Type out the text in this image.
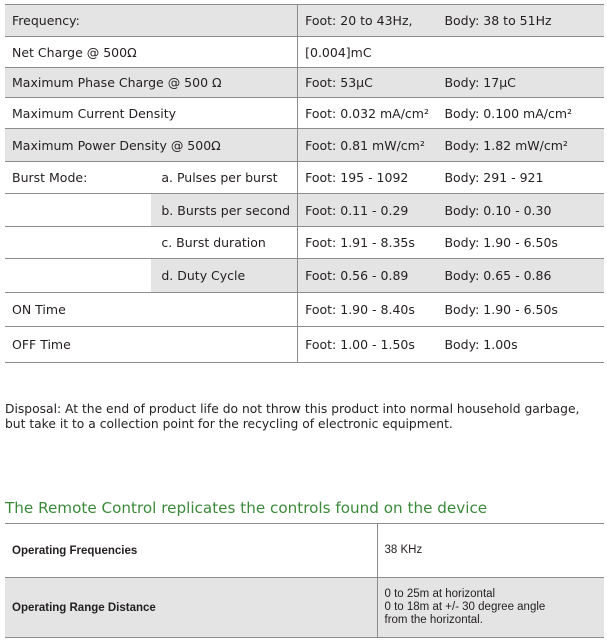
Frequency:		Foot: 20 to 43Hz,	Body: 38 to 51Hz
Net Charge @ 500Ω		[0.004]mC	
Maximum Phase Charge @ 500 Ω		Foot: 53µC	Body: 17µC
Maximum Current Density		Foot: 0.032 mA/cm²	Body: 0.100 mA/cm²
Maximum Power Density @ 500Ω		Foot: 0.81 mW/cm²	Body: 1.82 mW/cm²
Burst Mode:	a. Pulses per burst	Foot: 195 - 1092	Body: 291 - 921
	b. Bursts per second	Foot: 0.11 - 0.29	Body: 0.10 - 0.30
	c. Burst duration	Foot: 1.91 - 8.35s	Body: 1.90 - 6.50s
	d. Duty Cycle	Foot: 0.56 - 0.89	Body: 0.65 - 0.86
ON Time		Foot: 1.90 - 8.40s	Body: 1.90 - 6.50s
OFF Time		Foot: 1.00 - 1.50s	Body: 1.00s

Disposal: At the end of product life do not throw this product into normal household garbage, but take it to a collection point for the recycling of electronic equipment.

The Remote Control replicates the controls found on the device
Operating Frequencies	38 KHz

Operating Range Distance	0 to 25m at horizontal
0 to 18m at +/- 30 degree angle
from the horizontal.
